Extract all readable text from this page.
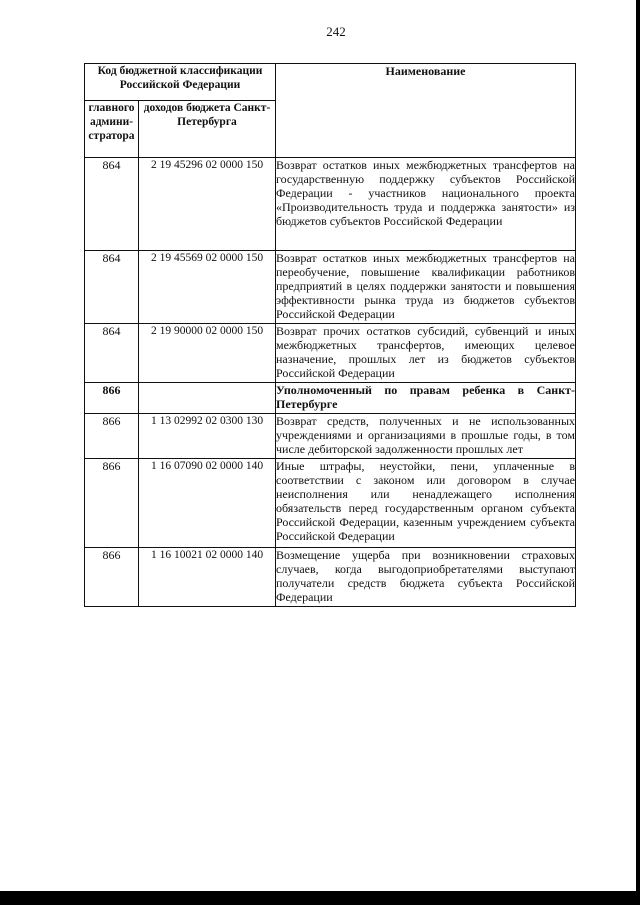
242
Код бюджетной классификации Российской Федерации		Наименование
главного админи-стратора	доходов бюджета Санкт-Петербурга	
864	2 19 45296 02 0000 150	Возврат остатков иных межбюджетных трансфертов на государственную поддержку субъектов Российской Федерации - участников национального проекта «Производительность труда и поддержка занятости» из бюджетов субъектов Российской Федерации
864	2 19 45569 02 0000 150	Возврат остатков иных межбюджетных трансфертов на переобучение, повышение квалификации работников предприятий в целях поддержки занятости и повышения эффективности рынка труда из бюджетов субъектов Российской Федерации
864	2 19 90000 02 0000 150	Возврат прочих остатков субсидий, субвенций и иных межбюджетных трансфертов, имеющих целевое назначение, прошлых лет из бюджетов субъектов Российской Федерации
866		Уполномоченный по правам ребенка в Санкт-Петербурге
866	1 13 02992 02 0300 130	Возврат средств, полученных и не использованных учреждениями и организациями в прошлые годы, в том числе дебиторской задолженности прошлых лет
866	1 16 07090 02 0000 140	Иные штрафы, неустойки, пени, уплаченные в соответствии с законом или договором в случае неисполнения или ненадлежащего исполнения обязательств перед государственным органом субъекта Российской Федерации, казенным учреждением субъекта Российской Федерации
866	1 16 10021 02 0000 140	Возмещение ущерба при возникновении страховых случаев, когда выгодоприобретателями выступают получатели средств бюджета субъекта Российской Федерации
